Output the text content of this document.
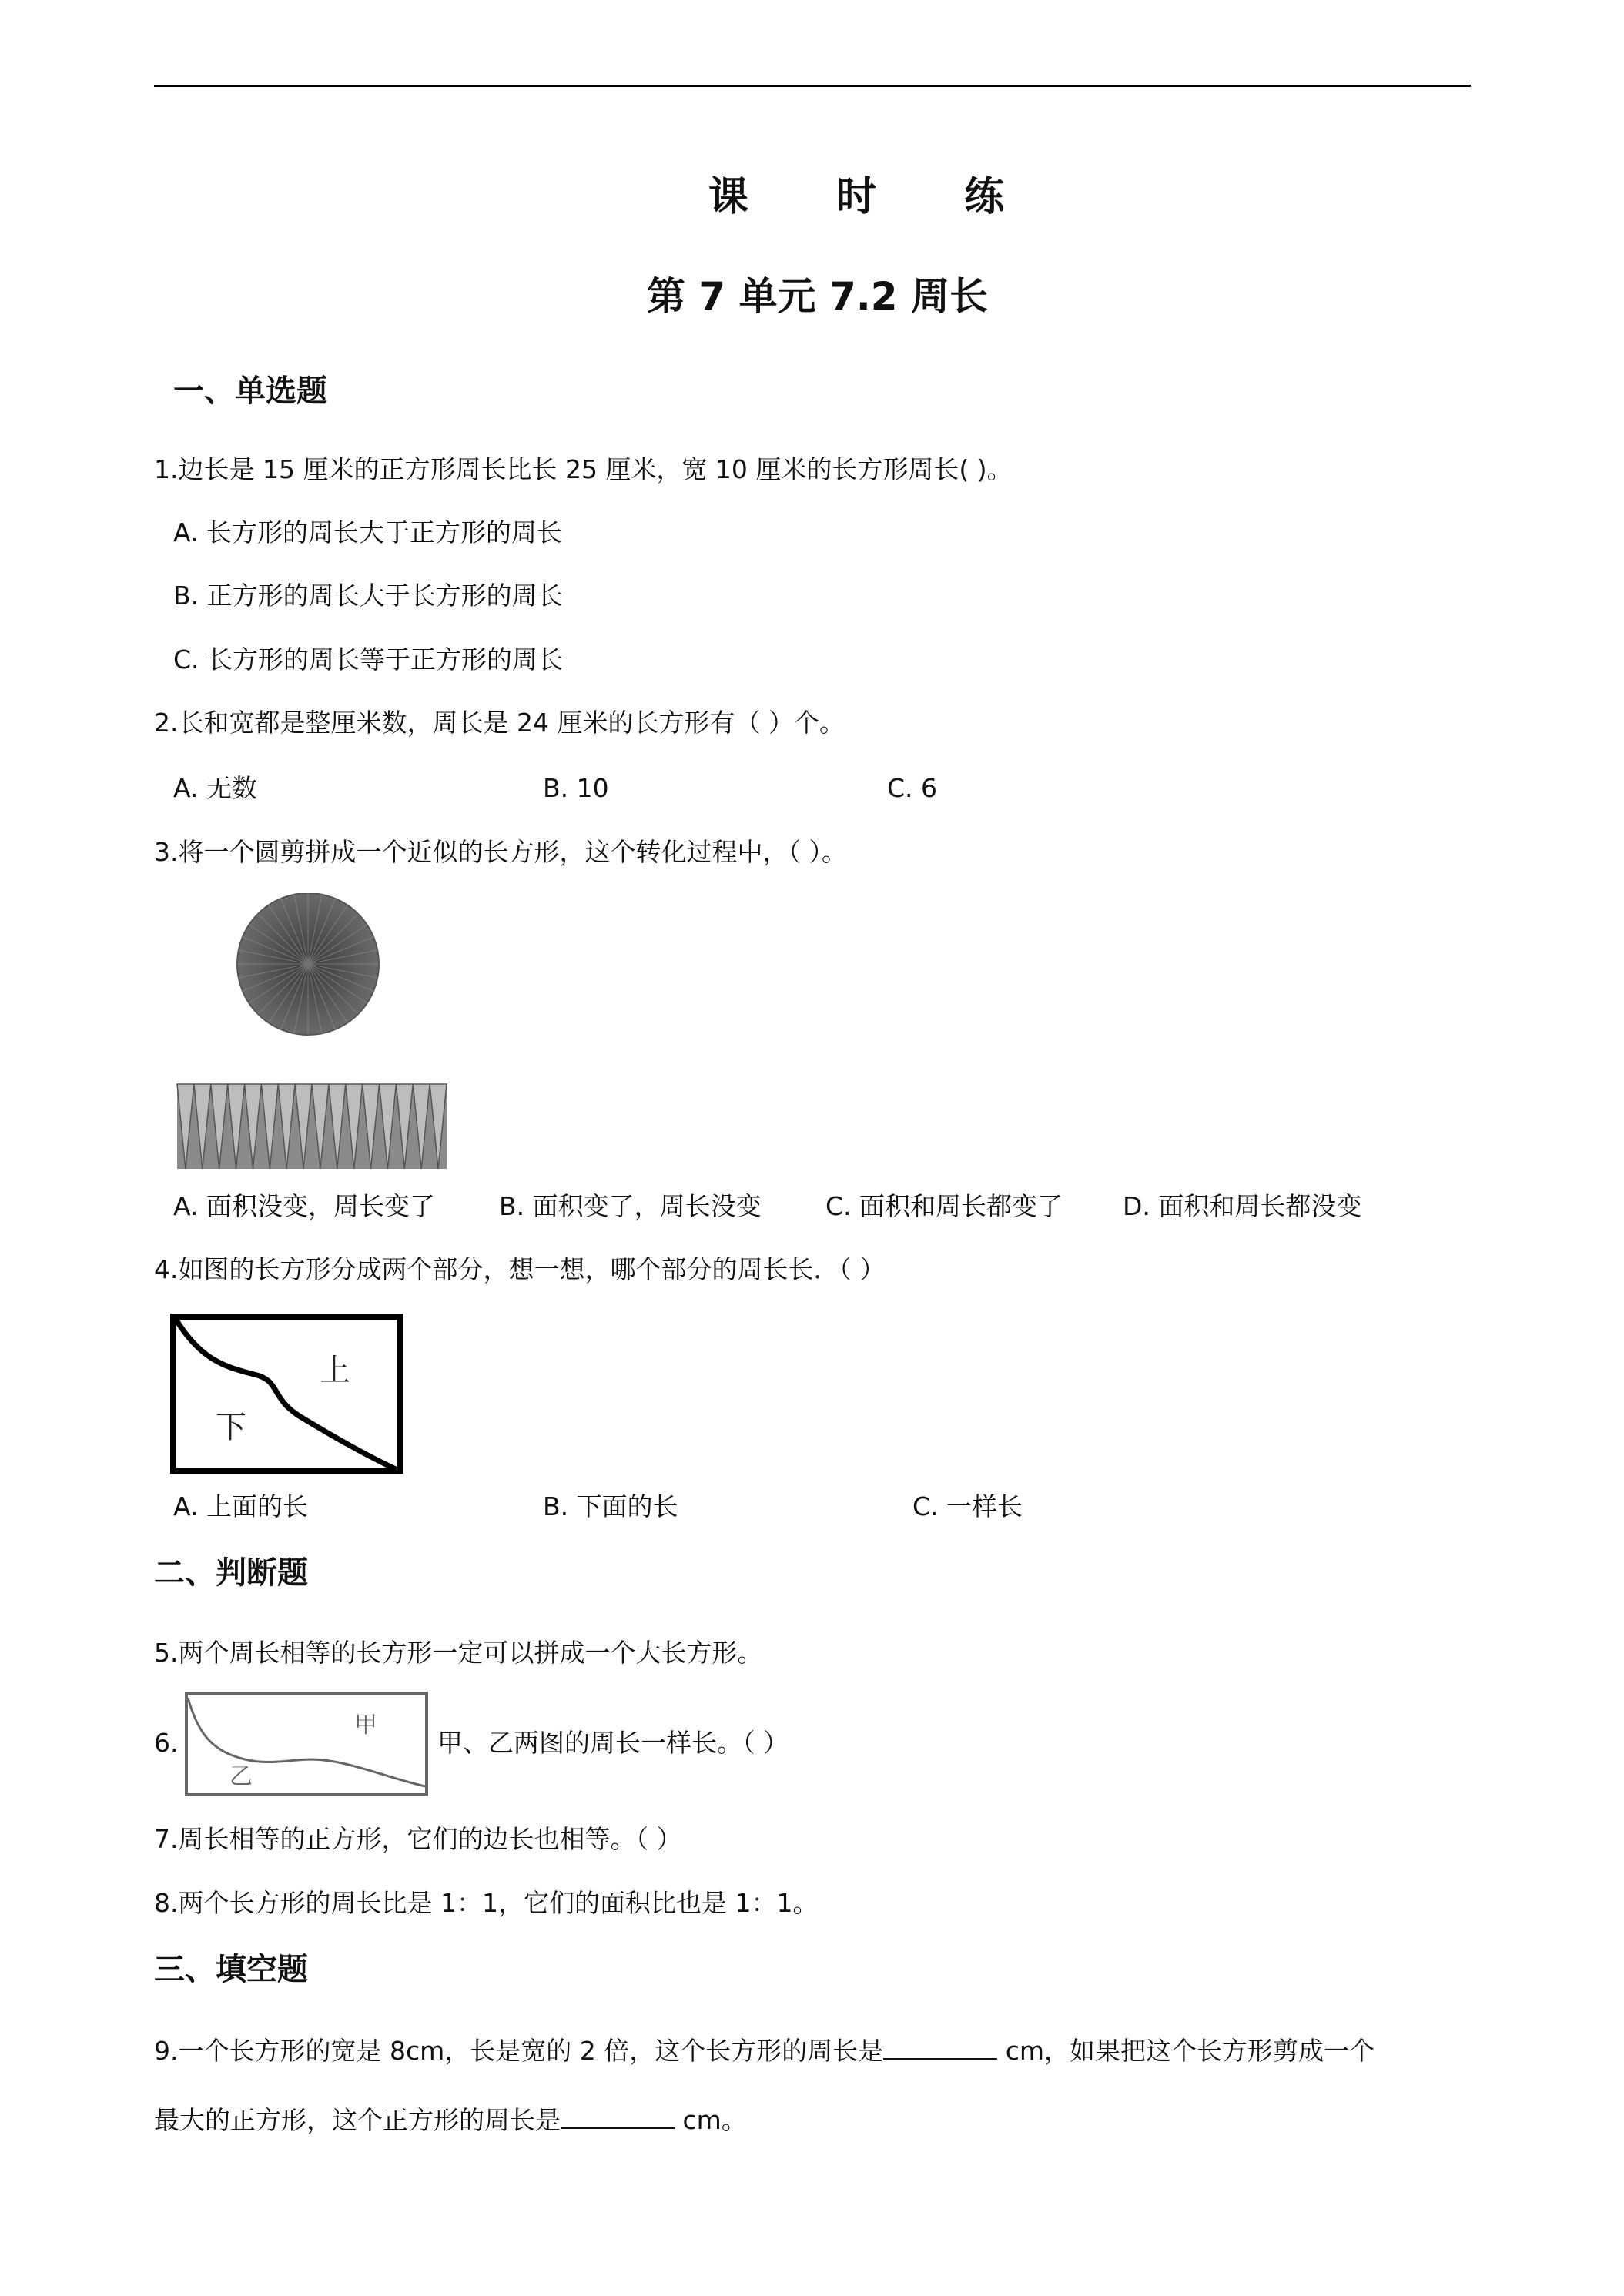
课 时 练
第 7 单元 7.2 周长
一、单选题
1.边长是 15 厘米的正方形周长比长 25 厘米，宽 10 厘米的长方形周长( )。
A. 长方形的周长大于正方形的周长
B. 正方形的周长大于长方形的周长
C. 长方形的周长等于正方形的周长
2.长和宽都是整厘米数，周长是 24 厘米的长方形有（ ）个。
A. 无数	B. 10	C. 6
3.将一个圆剪拼成一个近似的长方形，这个转化过程中，（ ）。
A. 面积没变，周长变了	B. 面积变了，周长没变	C. 面积和周长都变了 D. 面积和周长都没变
4.如图的长方形分成两个部分，想一想，哪个部分的周长长．（ ）
上
下
A. 上面的长	B. 下面的长	C. 一样长
二、判断题
5.两个周长相等的长方形一定可以拼成一个大长方形。
6.
甲
乙
甲、乙两图的周长一样长。（ ）
7.周长相等的正方形，它们的边长也相等。（ ）
8.两个长方形的周长比是 1：1，它们的面积比也是 1：1。
三、填空题
9.一个长方形的宽是 8cm，长是宽的 2 倍，这个长方形的周长是	cm，如果把这个长方形剪成一个
最大的正方形，这个正方形的周长是	cm。
